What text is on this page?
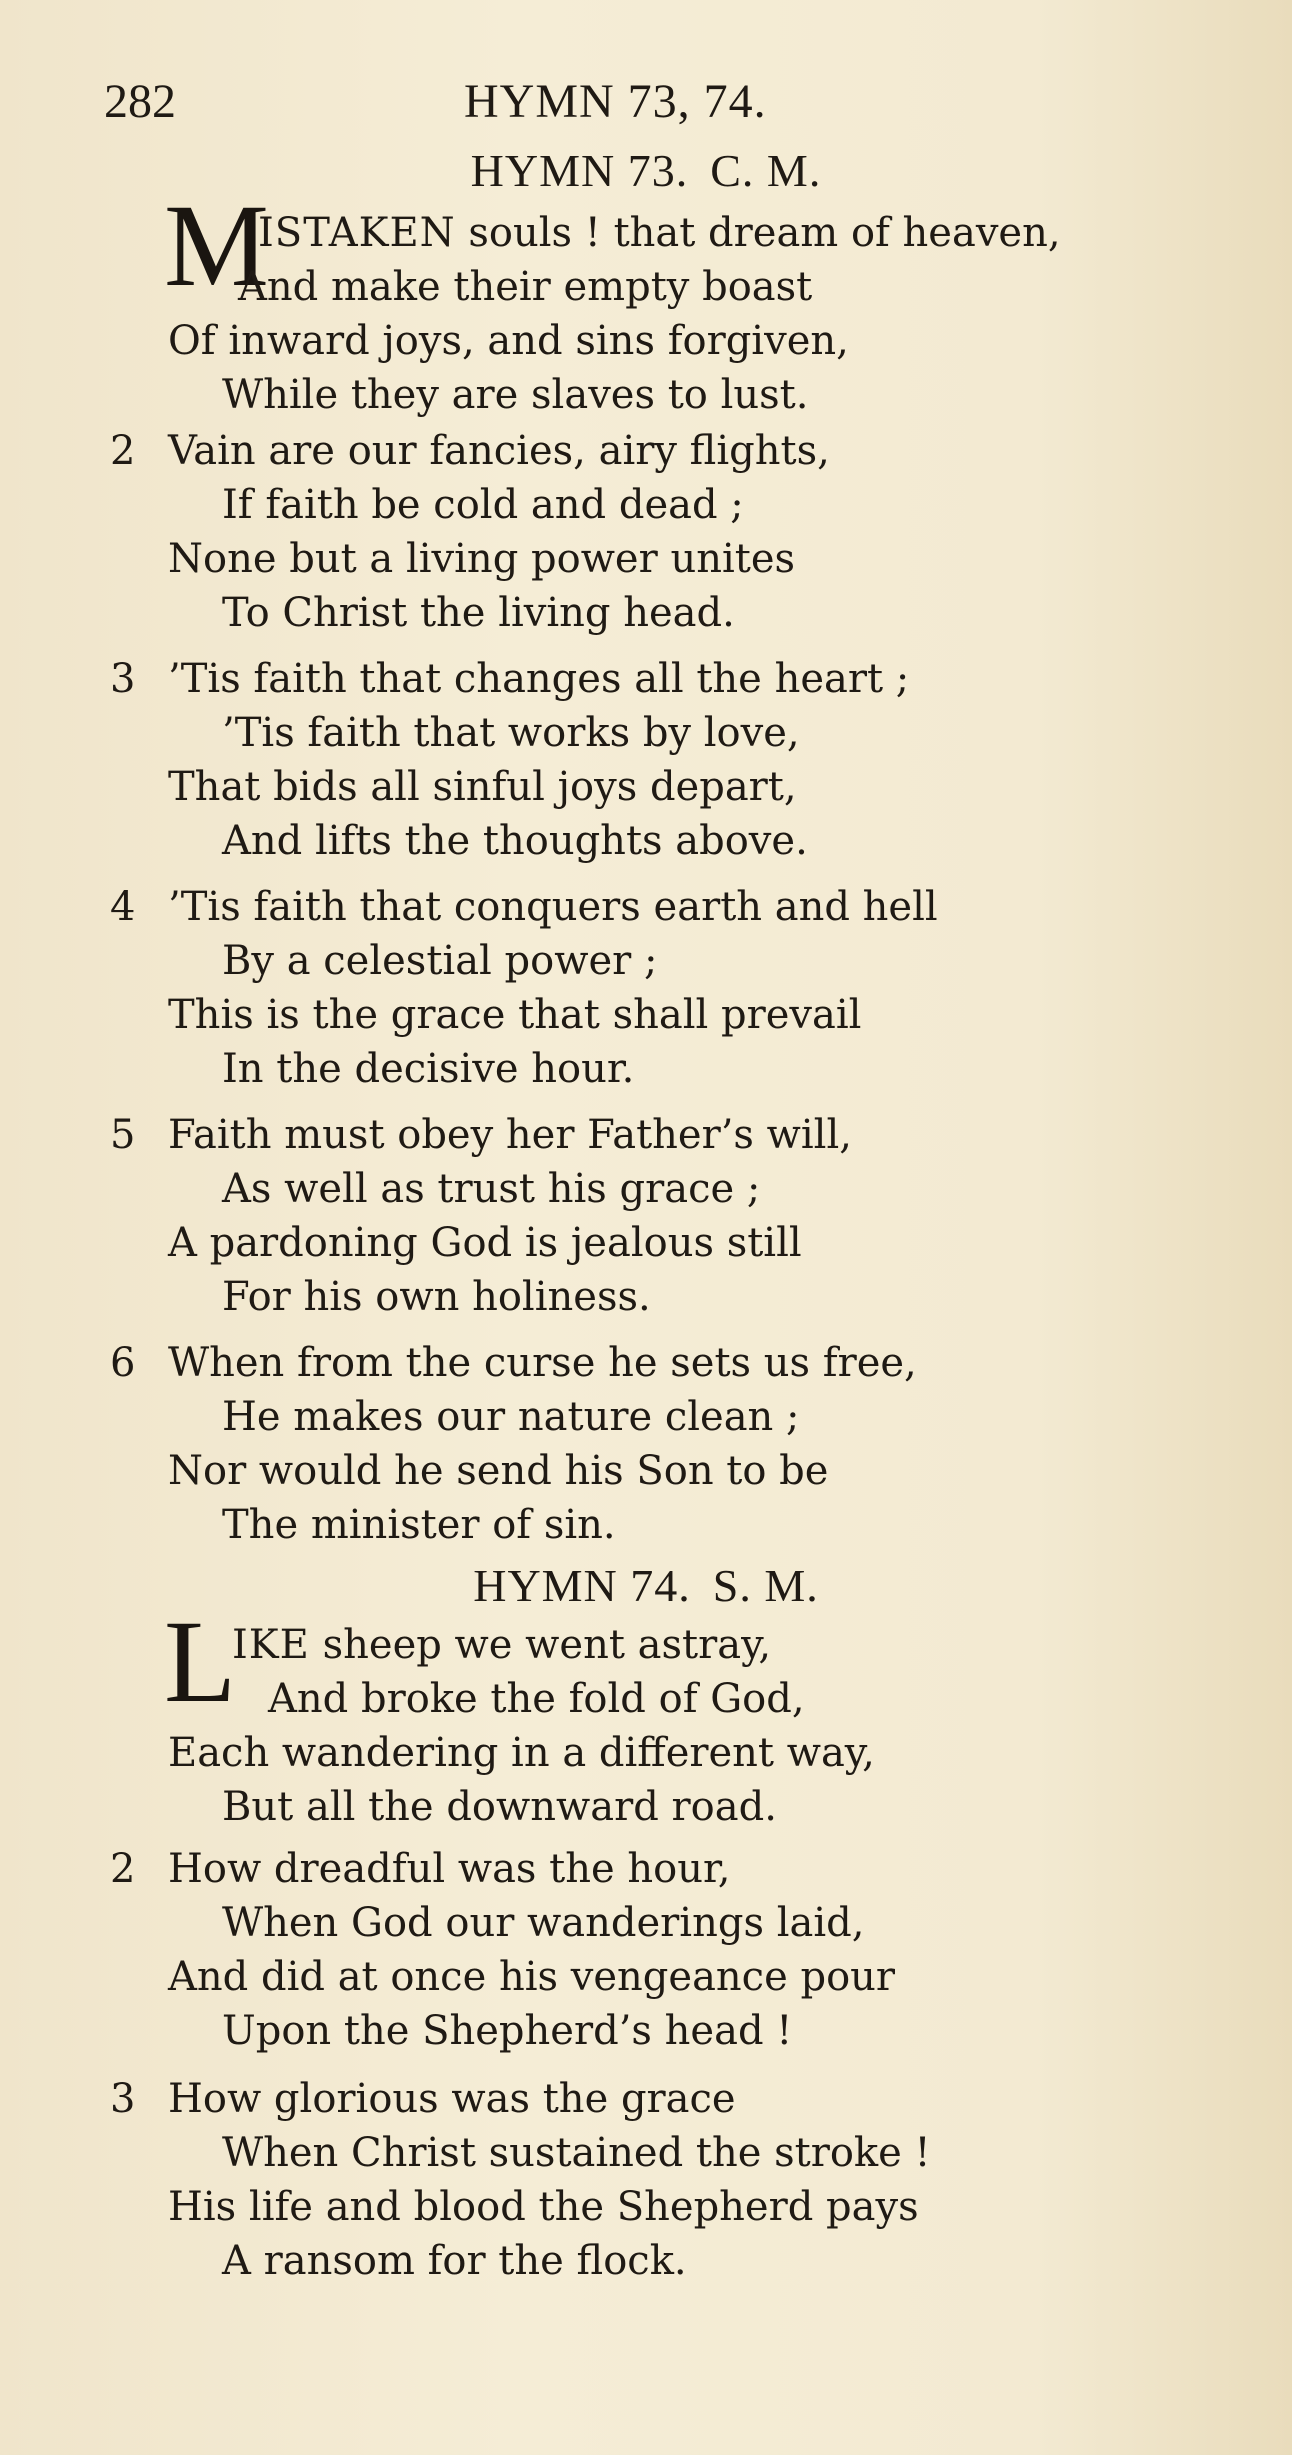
282	HYMN 73, 74.
HYMN 73. C. M.
M
ISTAKEN souls ! that dream of heaven,
And make their empty boast
Of inward joys, and sins forgiven,
While they are slaves to lust.
HYMN 74. S. M.
L
IKE sheep we went astray,
And broke the fold of God,
Each wandering in a different way,
But all the downward road.
2 How dreadful was the hour,
When God our wanderings laid,
And did at once his vengeance pour
Upon the Shepherd’s head !
3 How glorious was the grace
When Christ sustained the stroke !
His life and blood the Shepherd pays
A ransom for the flock.
2 Vain are our fancies, airy flights,
If faith be cold and dead ;
None but a living power unites
To Christ the living head.
3 ’Tis faith that changes all the heart ;
’Tis faith that works by love,
That bids all sinful joys depart,
And lifts the thoughts above.
4 ’Tis faith that conquers earth and hell
By a celestial power ;
This is the grace that shall prevail
In the decisive hour.
5 Faith must obey her Father’s will,
As well as trust his grace ;
A pardoning God is jealous still
For his own holiness.
6 When from the curse he sets us free,
He makes our nature clean ;
Nor would he send his Son to be
The minister of sin.
